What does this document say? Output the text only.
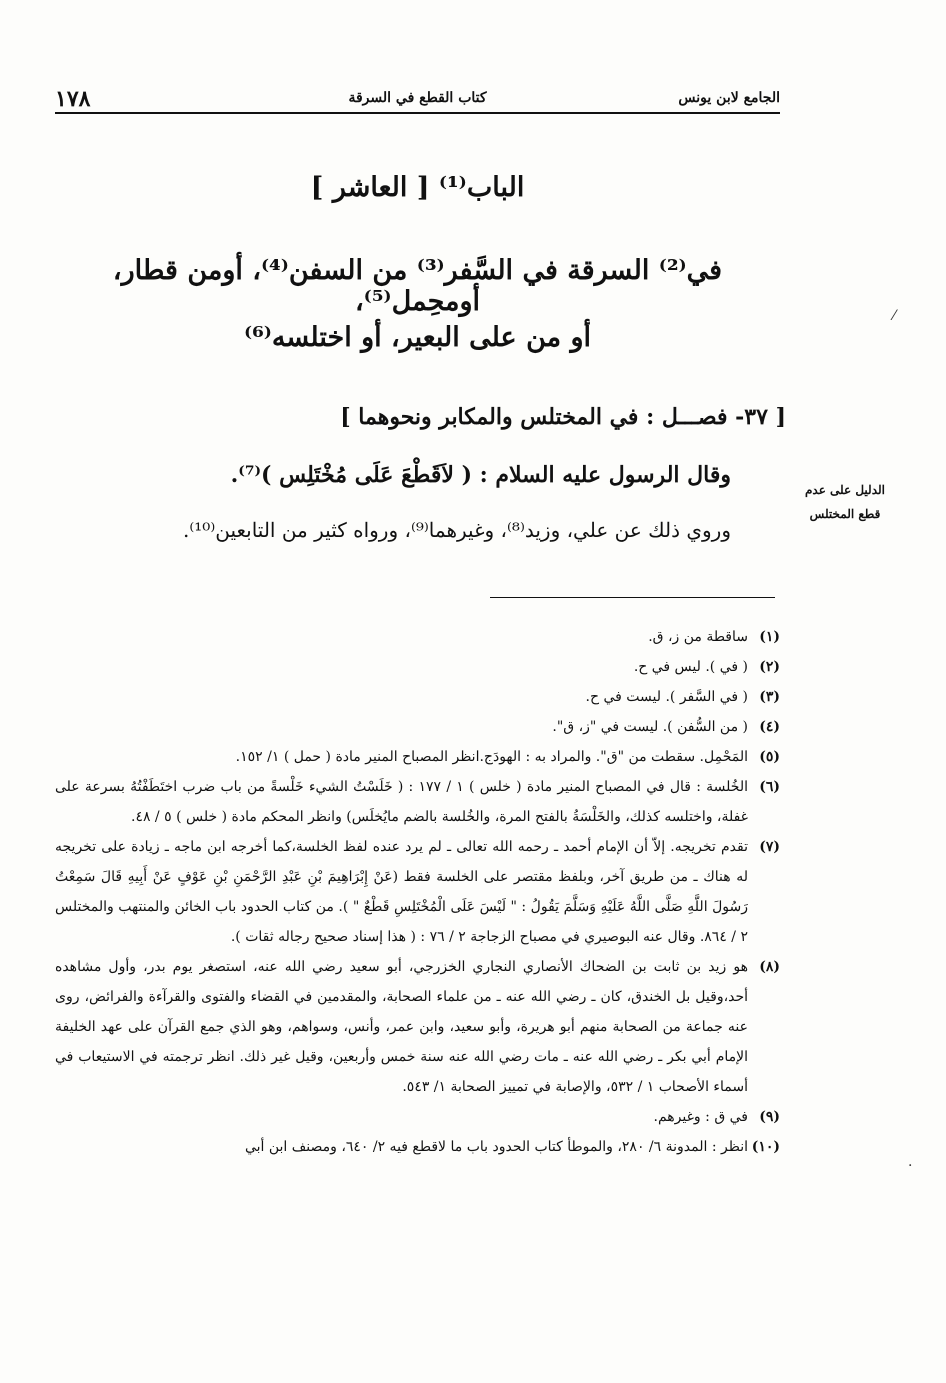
١٧٨	كتاب القطع في السرقة	الجامع لابن يونس
الباب⁽¹⁾ [ العاشر ]
في⁽²⁾ السرقة في السَّفر⁽³⁾ من السفن⁽⁴⁾، أومن قطار، أومحِمل⁽⁵⁾،
أو من على البعير، أو اختلسه⁽⁶⁾
[ ٣٧- فصـــل : في المختلس والمكابر ونحوهما ]
وقال الرسول عليه السلام : ( لاَقَطْعَ عَلَى مُخْتَلِس )⁽⁷⁾.
وروي ذلك عن علي، وزيد⁽⁸⁾، وغيرهما⁽⁹⁾، ورواه كثير من التابعين⁽¹⁰⁾.
الدليل على عدم
قطع المختلس
(١)
ساقطة من ز، ق.
(٢)
( في ). ليس في ح.
(٣)
( في السَّفر ). ليست في ح.
(٤)
( من السُّفن ). ليست في "ز، ق".
(٥)
المَحْمِل. سقطت من "ق". والمراد به : الهودَج.انظر المصباح المنير مادة ( حمل ) ١/ ١٥٢.
(٦)
الخُلسة : قال في المصباح المنير مادة ( خلس ) ١ / ١٧٧ : ( خَلَسْتُ الشيء خَلْسةً من باب ضرب اختَطَفْتُهُ بسرعة على غفلة، واختلسه كذلك، والخَلْسَةُ بالفتح المرة، والخُلسة بالضم مايُخلَس) وانظر المحكم مادة ( خلس ) ٥ / ٤٨.
(٧)
تقدم تخريجه. إلاّ أن الإمام أحمد ـ رحمه الله تعالى ـ لم يرد عنده لفظ الخلسة،كما أخرجه ابن ماجه ـ زيادة على تخريجه له هناك ـ من طريق آخر، وبلفظ مقتصر على الخلسة فقط (عَنْ إِبْرَاهِيمَ بْنِ عَبْدِ الرَّحْمَنِ بْنِ عَوْفٍ عَنْ أَبِيهِ قَالَ سَمِعْتُ رَسُولَ اللَّهِ صَلَّى اللَّهُ عَلَيْهِ وَسَلَّمَ يَقُولُ : " لَيْسَ عَلَى الْمُخْتَلِسِ قَطْعٌ " ). من كتاب الحدود باب الخائن والمنتهب والمختلس ٢ / ٨٦٤. وقال عنه البوصيري في مصباح الزجاجة ٢ / ٧٦ : ( هذا إسناد صحيح رجاله ثقات ).
(٨)
هو زيد بن ثابت بن الضحاك الأنصاري النجاري الخزرجي، أبو سعيد رضي الله عنه، استصغر يوم بدر، وأول مشاهده أحد،وقيل بل الخندق، كان ـ رضي الله عنه ـ من علماء الصحابة، والمقدمين في القضاء والفتوى والقرآءة والفرائض، روى عنه جماعة من الصحابة منهم أبو هريرة، وأبو سعيد، وابن عمر، وأنس، وسواهم، وهو الذي جمع القرآن على عهد الخليفة الإمام أبي بكر ـ رضي الله عنه ـ مات رضي الله عنه سنة خمس وأربعين، وقيل غير ذلك. انظر ترجمته في الاستيعاب في أسماء الأصحاب ١ / ٥٣٢، والإصابة في تمييز الصحابة ١/ ٥٤٣.
(٩)
في ق : وغيرهم.
(١٠)
انظر : المدونة ٦/ ٢٨٠، والموطأ كتاب الحدود باب ما لاقطع فيه ٢/ ٦٤٠، ومصنف ابن أبي
⁄
·
